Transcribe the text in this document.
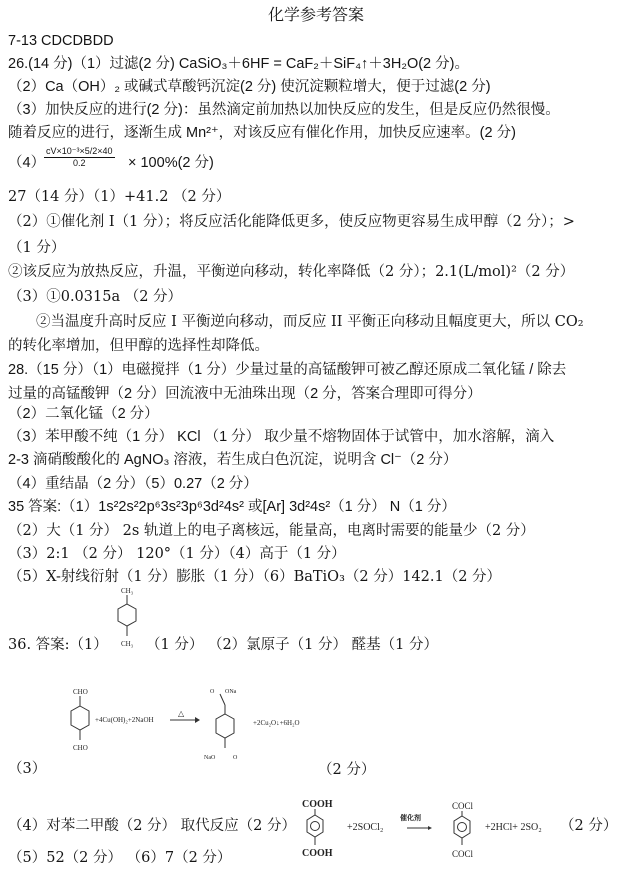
化学参考答案
7-13 CDCDBDD
26.(14 分)（1）过滤(2 分) CaSiO₃＋6HF = CaF₂＋SiF₄↑＋3H₂O(2 分)。
（2）Ca（OH）₂ 或碱式草酸钙沉淀(2 分) 使沉淀颗粒增大，便于过滤(2 分)
（3）加快反应的进行(2 分)：虽然滴定前加热以加快反应的发生，但是反应仍然很慢。
随着反应的进行，逐渐生成 Mn²⁺，对该反应有催化作用，加快反应速率。(2 分)
（4）
$\frac{\text{cV×10⁻³×5/2×40}}{0.2} \times 100\%(2$ 分)
27（14 分）（1）+41.2 （2 分）
（2）①催化剂 I（1 分）；将反应活化能降低更多，使反应物更容易生成甲醇（2 分）；>
（1 分）
②该反应为放热反应，升温，平衡逆向移动，转化率降低（2 分）；2.1(L/mol)²（2 分）
（3）①0.0315a （2 分）
②当温度升高时反应 I 平衡逆向移动，而反应 II 平衡正向移动且幅度更大，所以 CO₂
的转化率增加，但甲醇的选择性却降低。
28.（15 分）（1）电磁搅拌（1 分）少量过量的高锰酸钾可被乙醇还原成二氧化锰 / 除去
过量的高锰酸钾（2 分）回流液中无油珠出现（2 分，答案合理即可得分）
（2）二氧化锰（2 分）
（3）苯甲酸不纯（1 分） KCl （1 分） 取少量不熔物固体于试管中，加水溶解，滴入
2-3 滴硝酸酸化的 AgNO₃ 溶液，若生成白色沉淀，说明含 Cl⁻（2 分）
（4）重结晶（2 分）（5）0.27（2 分）
35 答案:（1）1s²2s²2p⁶3s²3p⁶3d²4s² 或[Ar] 3d²4s²（1 分） N（1 分）
（2）大（1 分） 2s 轨道上的电子离核远，能量高，电离时需要的能量少（2 分）
（3）2:1 （2 分） 120°（1 分）（4）高于（1 分）
（5）X-射线衍射（1 分）膨胀（1 分）（6）BaTiO₃（2 分）142.1（2 分）
36. 答案:（1）
CH₃
CH₃ （1 分） （2）氯原子（1 分） 醛基（1 分）
CHO
CHO
+4Cu(OH)₂+2NaOH
△
O ONa
NaO	O
+2Cu₂O↓+6H₂O
（3）	（2 分）
COOH
COOH
+2SOCl₂
催化剂
COCl
COCl
+2HCl+ 2SO₂
（4）对苯二甲酸（2 分） 取代反应（2 分）	（2 分）
（5）52（2 分） （6）7（2 分）
